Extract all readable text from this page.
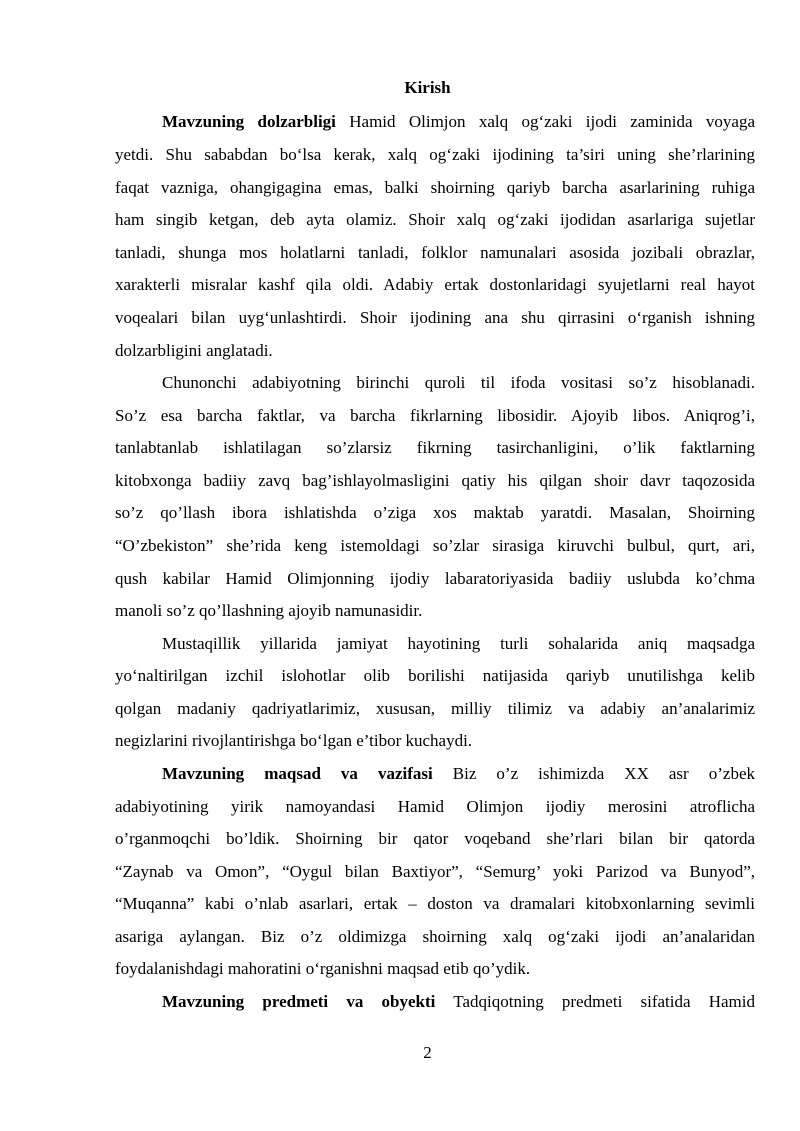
Kirish
Mavzuning dolzarbligi Hamid Olimjon xalq og‘zaki ijodi zaminida voyaga
yetdi. Shu sababdan bo‘lsa kerak, xalq og‘zaki ijodining ta’siri uning she’rlarining
faqat vazniga, ohangigagina emas, balki shoirning qariyb barcha asarlarining ruhiga
ham singib ketgan, deb ayta olamiz. Shoir xalq og‘zaki ijodidan asarlariga sujetlar
tanladi, shunga mos holatlarni tanladi, folklor namunalari asosida jozibali obrazlar,
xarakterli misralar kashf qila oldi. Adabiy ertak dostonlaridagi syujetlarni real hayot
voqealari bilan uyg‘unlashtirdi. Shoir ijodining ana shu qirrasini o‘rganish ishning
dolzarbligini anglatadi.
Chunonchi adabiyotning birinchi quroli til ifoda vositasi so’z hisoblanadi.
So’z esa barcha faktlar, va barcha fikrlarning libosidir. Ajoyib libos. Aniqrog’i,
tanlabtanlab ishlatilagan so’zlarsiz fikrning tasirchanligini, o’lik faktlarning
kitobxonga badiiy zavq bag’ishlayolmasligini qatiy his qilgan shoir davr taqozosida
so’z qo’llash ibora ishlatishda o’ziga xos maktab yaratdi. Masalan, Shoirning
“O’zbekiston” she’rida keng istemoldagi so’zlar sirasiga kiruvchi bulbul, qurt, ari,
qush kabilar Hamid Olimjonning ijodiy labaratoriyasida badiiy uslubda ko’chma
manoli so’z qo’llashning ajoyib namunasidir.
Mustaqillik yillarida jamiyat hayotining turli sohalarida aniq maqsadga
yo‘naltirilgan izchil islohotlar olib borilishi natijasida qariyb unutilishga kelib
qolgan madaniy qadriyatlarimiz, xususan, milliy tilimiz va adabiy an’analarimiz
negizlarini rivojlantirishga bo‘lgan e’tibor kuchaydi.
Mavzuning maqsad va vazifasi Biz o’z ishimizda XX asr o’zbek
adabiyotining yirik namoyandasi Hamid Olimjon ijodiy merosini atroflicha
o’rganmoqchi bo’ldik. Shoirning bir qator voqeband she’rlari bilan bir qatorda
“Zaynab va Omon”, “Oygul bilan Baxtiyor”, “Semurg’ yoki Parizod va Bunyod”,
“Muqanna” kabi o’nlab asarlari, ertak – doston va dramalari kitobxonlarning sevimli
asariga aylangan. Biz o’z oldimizga shoirning xalq og‘zaki ijodi an’analaridan
foydalanishdagi mahoratini o‘rganishni maqsad etib qo’ydik.
Mavzuning predmeti va obyekti Tadqiqotning predmeti sifatida Hamid
2
